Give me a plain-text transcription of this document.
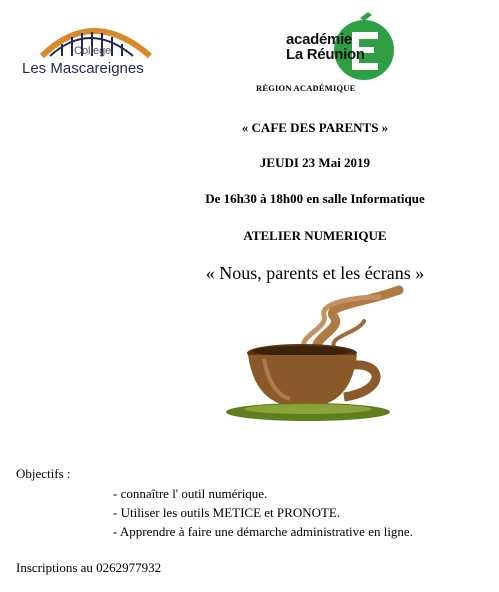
College
Les Mascareignes
académie
La Réunion
RÉGION ACADÉMIQUE
« CAFE DES PARENTS »
JEUDI 23 Mai 2019
De 16h30 à 18h00 en salle Informatique
ATELIER NUMERIQUE
« Nous, parents et les écrans »
Objectifs :
- connaître l' outil numérique.
- Utiliser les outils METICE et PRONOTE.
- Apprendre à faire une démarche administrative en ligne.
Inscriptions au 0262977932
